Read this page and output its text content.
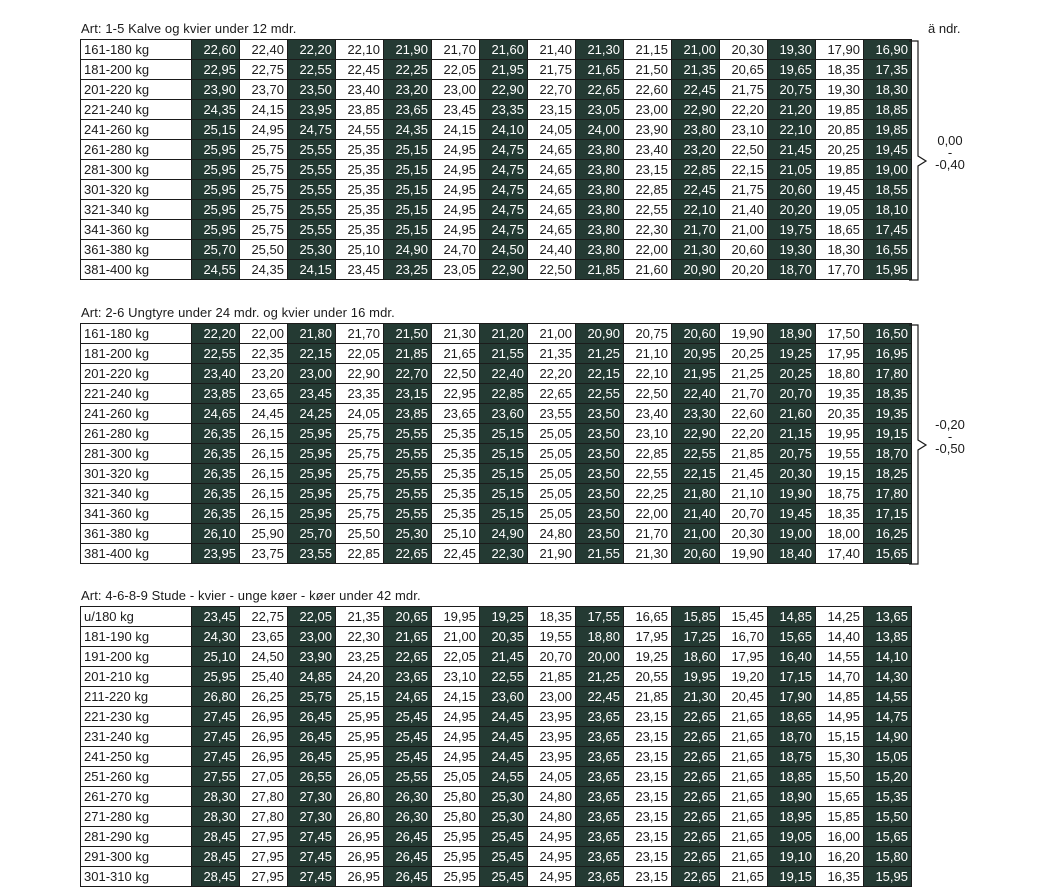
Art: 1-5 Kalve og kvier under 12 mdr.	ä ndr.
161-180 kg	22,60	22,40	22,20	22,10	21,90	21,70	21,60	21,40	21,30	21,15	21,00	20,30	19,30	17,90	16,90
181-200 kg	22,95	22,75	22,55	22,45	22,25	22,05	21,95	21,75	21,65	21,50	21,35	20,65	19,65	18,35	17,35
201-220 kg	23,90	23,70	23,50	23,40	23,20	23,00	22,90	22,70	22,65	22,60	22,45	21,75	20,75	19,30	18,30
221-240 kg	24,35	24,15	23,95	23,85	23,65	23,45	23,35	23,15	23,05	23,00	22,90	22,20	21,20	19,85	18,85
241-260 kg	25,15	24,95	24,75	24,55	24,35	24,15	24,10	24,05	24,00	23,90	23,80	23,10	22,10	20,85	19,85
261-280 kg	25,95	25,75	25,55	25,35	25,15	24,95	24,75	24,65	23,80	23,40	23,20	22,50	21,45	20,25	19,45
281-300 kg	25,95	25,75	25,55	25,35	25,15	24,95	24,75	24,65	23,80	23,15	22,85	22,15	21,05	19,85	19,00
301-320 kg	25,95	25,75	25,55	25,35	25,15	24,95	24,75	24,65	23,80	22,85	22,45	21,75	20,60	19,45	18,55
321-340 kg	25,95	25,75	25,55	25,35	25,15	24,95	24,75	24,65	23,80	22,55	22,10	21,40	20,20	19,05	18,10
341-360 kg	25,95	25,75	25,55	25,35	25,15	24,95	24,75	24,65	23,80	22,30	21,70	21,00	19,75	18,65	17,45
361-380 kg	25,70	25,50	25,30	25,10	24,90	24,70	24,50	24,40	23,80	22,00	21,30	20,60	19,30	18,30	16,55
381-400 kg	24,55	24,35	24,15	23,45	23,25	23,05	22,90	22,50	21,85	21,60	20,90	20,20	18,70	17,70	15,95
0,00
-
-0,40
Art: 2-6 Ungtyre under 24 mdr. og kvier under 16 mdr.
161-180 kg	22,20	22,00	21,80	21,70	21,50	21,30	21,20	21,00	20,90	20,75	20,60	19,90	18,90	17,50	16,50
181-200 kg	22,55	22,35	22,15	22,05	21,85	21,65	21,55	21,35	21,25	21,10	20,95	20,25	19,25	17,95	16,95
201-220 kg	23,40	23,20	23,00	22,90	22,70	22,50	22,40	22,20	22,15	22,10	21,95	21,25	20,25	18,80	17,80
221-240 kg	23,85	23,65	23,45	23,35	23,15	22,95	22,85	22,65	22,55	22,50	22,40	21,70	20,70	19,35	18,35
241-260 kg	24,65	24,45	24,25	24,05	23,85	23,65	23,60	23,55	23,50	23,40	23,30	22,60	21,60	20,35	19,35
261-280 kg	26,35	26,15	25,95	25,75	25,55	25,35	25,15	25,05	23,50	23,10	22,90	22,20	21,15	19,95	19,15
281-300 kg	26,35	26,15	25,95	25,75	25,55	25,35	25,15	25,05	23,50	22,85	22,55	21,85	20,75	19,55	18,70
301-320 kg	26,35	26,15	25,95	25,75	25,55	25,35	25,15	25,05	23,50	22,55	22,15	21,45	20,30	19,15	18,25
321-340 kg	26,35	26,15	25,95	25,75	25,55	25,35	25,15	25,05	23,50	22,25	21,80	21,10	19,90	18,75	17,80
341-360 kg	26,35	26,15	25,95	25,75	25,55	25,35	25,15	25,05	23,50	22,00	21,40	20,70	19,45	18,35	17,15
361-380 kg	26,10	25,90	25,70	25,50	25,30	25,10	24,90	24,80	23,50	21,70	21,00	20,30	19,00	18,00	16,25
381-400 kg	23,95	23,75	23,55	22,85	22,65	22,45	22,30	21,90	21,55	21,30	20,60	19,90	18,40	17,40	15,65
-0,20
-
-0,50
Art: 4-6-8-9 Stude - kvier - unge køer - køer under 42 mdr.
u/180 kg	23,45	22,75	22,05	21,35	20,65	19,95	19,25	18,35	17,55	16,65	15,85	15,45	14,85	14,25	13,65
181-190 kg	24,30	23,65	23,00	22,30	21,65	21,00	20,35	19,55	18,80	17,95	17,25	16,70	15,65	14,40	13,85
191-200 kg	25,10	24,50	23,90	23,25	22,65	22,05	21,45	20,70	20,00	19,25	18,60	17,95	16,40	14,55	14,10
201-210 kg	25,95	25,40	24,85	24,20	23,65	23,10	22,55	21,85	21,25	20,55	19,95	19,20	17,15	14,70	14,30
211-220 kg	26,80	26,25	25,75	25,15	24,65	24,15	23,60	23,00	22,45	21,85	21,30	20,45	17,90	14,85	14,55
221-230 kg	27,45	26,95	26,45	25,95	25,45	24,95	24,45	23,95	23,65	23,15	22,65	21,65	18,65	14,95	14,75
231-240 kg	27,45	26,95	26,45	25,95	25,45	24,95	24,45	23,95	23,65	23,15	22,65	21,65	18,70	15,15	14,90
241-250 kg	27,45	26,95	26,45	25,95	25,45	24,95	24,45	23,95	23,65	23,15	22,65	21,65	18,75	15,30	15,05
251-260 kg	27,55	27,05	26,55	26,05	25,55	25,05	24,55	24,05	23,65	23,15	22,65	21,65	18,85	15,50	15,20
261-270 kg	28,30	27,80	27,30	26,80	26,30	25,80	25,30	24,80	23,65	23,15	22,65	21,65	18,90	15,65	15,35
271-280 kg	28,30	27,80	27,30	26,80	26,30	25,80	25,30	24,80	23,65	23,15	22,65	21,65	18,95	15,85	15,50
281-290 kg	28,45	27,95	27,45	26,95	26,45	25,95	25,45	24,95	23,65	23,15	22,65	21,65	19,05	16,00	15,65
291-300 kg	28,45	27,95	27,45	26,95	26,45	25,95	25,45	24,95	23,65	23,15	22,65	21,65	19,10	16,20	15,80
301-310 kg	28,45	27,95	27,45	26,95	26,45	25,95	25,45	24,95	23,65	23,15	22,65	21,65	19,15	16,35	15,95
